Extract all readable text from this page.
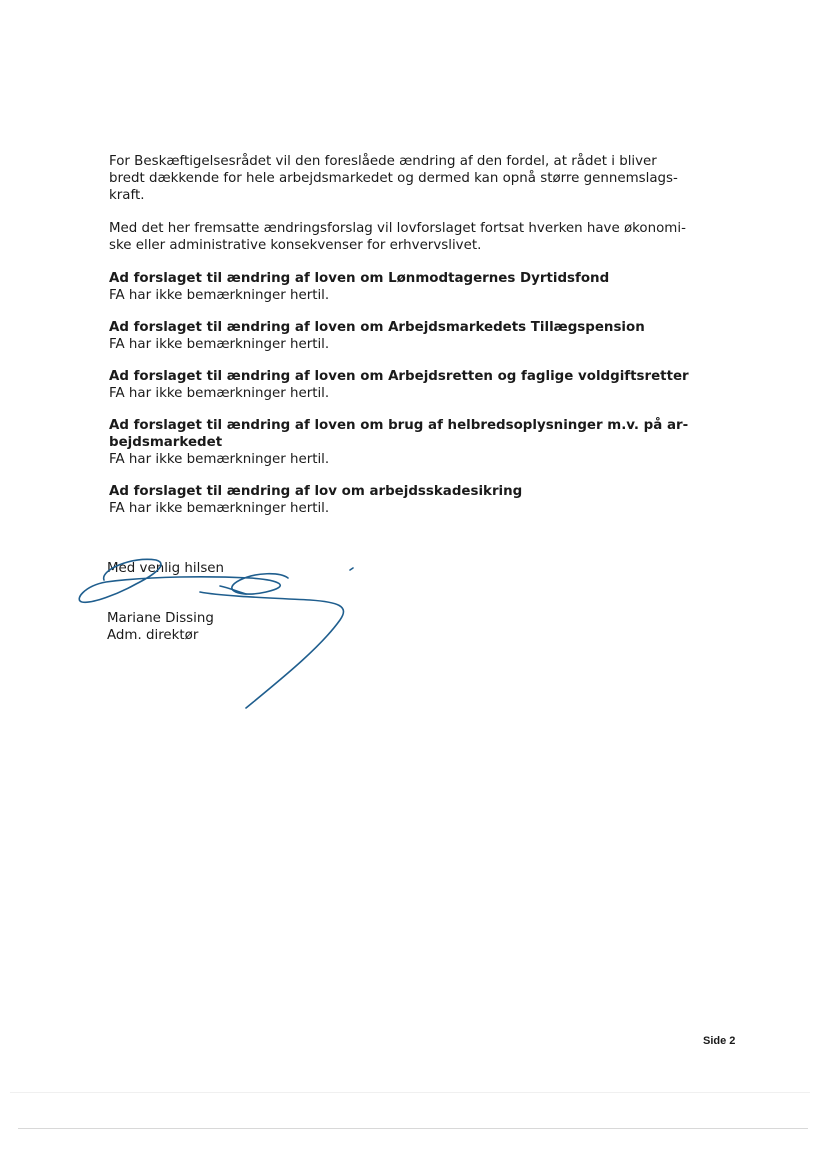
For Beskæftigelsesrådet vil den foreslåede ændring af den fordel, at rådet i bliver
bredt dækkende for hele arbejdsmarkedet og dermed kan opnå større gennemslags-
kraft.

Med det her fremsatte ændringsforslag vil lovforslaget fortsat hverken have økonomi-
ske eller administrative konsekvenser for erhvervslivet.

Ad forslaget til ændring af loven om Lønmodtagernes Dyrtidsfond
FA har ikke bemærkninger hertil.
Ad forslaget til ændring af loven om Arbejdsmarkedets Tillægspension
FA har ikke bemærkninger hertil.
Ad forslaget til ændring af loven om Arbejdsretten og faglige voldgiftsretter
FA har ikke bemærkninger hertil.
Ad forslaget til ændring af loven om brug af helbredsoplysninger m.v. på ar-
bejdsmarkedet
FA har ikke bemærkninger hertil.
Ad forslaget til ændring af lov om arbejdsskadesikring
FA har ikke bemærkninger hertil.
Med venlig hilsen
Mariane Dissing
Adm. direktør
Side 2
